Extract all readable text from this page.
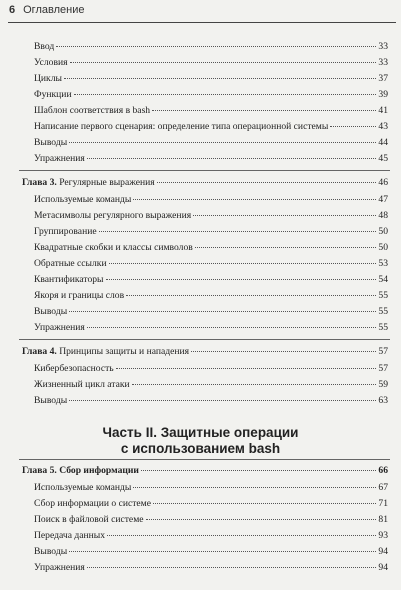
6 Оглавление
Ввод	33
Условия	33
Циклы	37
Функции	39
Шаблон соответствия в bash	41
Написание первого сценария: определение типа операционной системы	43
Выводы	44
Упражнения	45
Глава 3. Регулярные выражения	46
Используемые команды	47
Метасимволы регулярного выражения	48
Группирование	50
Квадратные скобки и классы символов	50
Обратные ссылки	53
Квантификаторы	54
Якоря и границы слов	55
Выводы	55
Упражнения	55
Глава 4. Принципы защиты и нападения	57
Кибербезопасность	57
Жизненный цикл атаки	59
Выводы	63
Часть II. Защитные операции
с использованием bash
Глава 5. Сбор информации	66
Используемые команды	67
Сбор информации о системе	71
Поиск в файловой системе	81
Передача данных	93
Выводы	94
Упражнения	94
